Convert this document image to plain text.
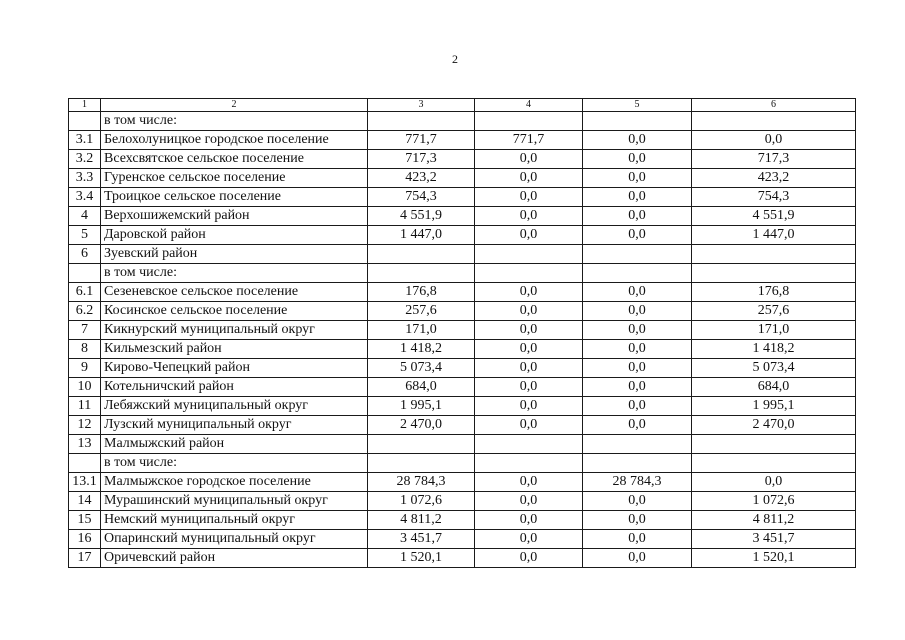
2
1	2	3	4	5	6
	в том числе:				
3.1	Белохолуницкое городское поселение	771,7	771,7	0,0	0,0
3.2	Всехсвятское сельское поселение	717,3	0,0	0,0	717,3
3.3	Гуренское сельское поселение	423,2	0,0	0,0	423,2
3.4	Троицкое сельское поселение	754,3	0,0	0,0	754,3
4	Верхошижемский район	4 551,9	0,0	0,0	4 551,9
5	Даровской район	1 447,0	0,0	0,0	1 447,0
6	Зуевский район				
	в том числе:				
6.1	Сезеневское сельское поселение	176,8	0,0	0,0	176,8
6.2	Косинское сельское поселение	257,6	0,0	0,0	257,6
7	Кикнурский муниципальный округ	171,0	0,0	0,0	171,0
8	Кильмезский район	1 418,2	0,0	0,0	1 418,2
9	Кирово-Чепецкий район	5 073,4	0,0	0,0	5 073,4
10	Котельничский район	684,0	0,0	0,0	684,0
11	Лебяжский муниципальный округ	1 995,1	0,0	0,0	1 995,1
12	Лузский муниципальный округ	2 470,0	0,0	0,0	2 470,0
13	Малмыжский район				
	в том числе:				
13.1	Малмыжское городское поселение	28 784,3	0,0	28 784,3	0,0
14	Мурашинский муниципальный округ	1 072,6	0,0	0,0	1 072,6
15	Немский муниципальный округ	4 811,2	0,0	0,0	4 811,2
16	Опаринский муниципальный округ	3 451,7	0,0	0,0	3 451,7
17	Оричевский район	1 520,1	0,0	0,0	1 520,1
